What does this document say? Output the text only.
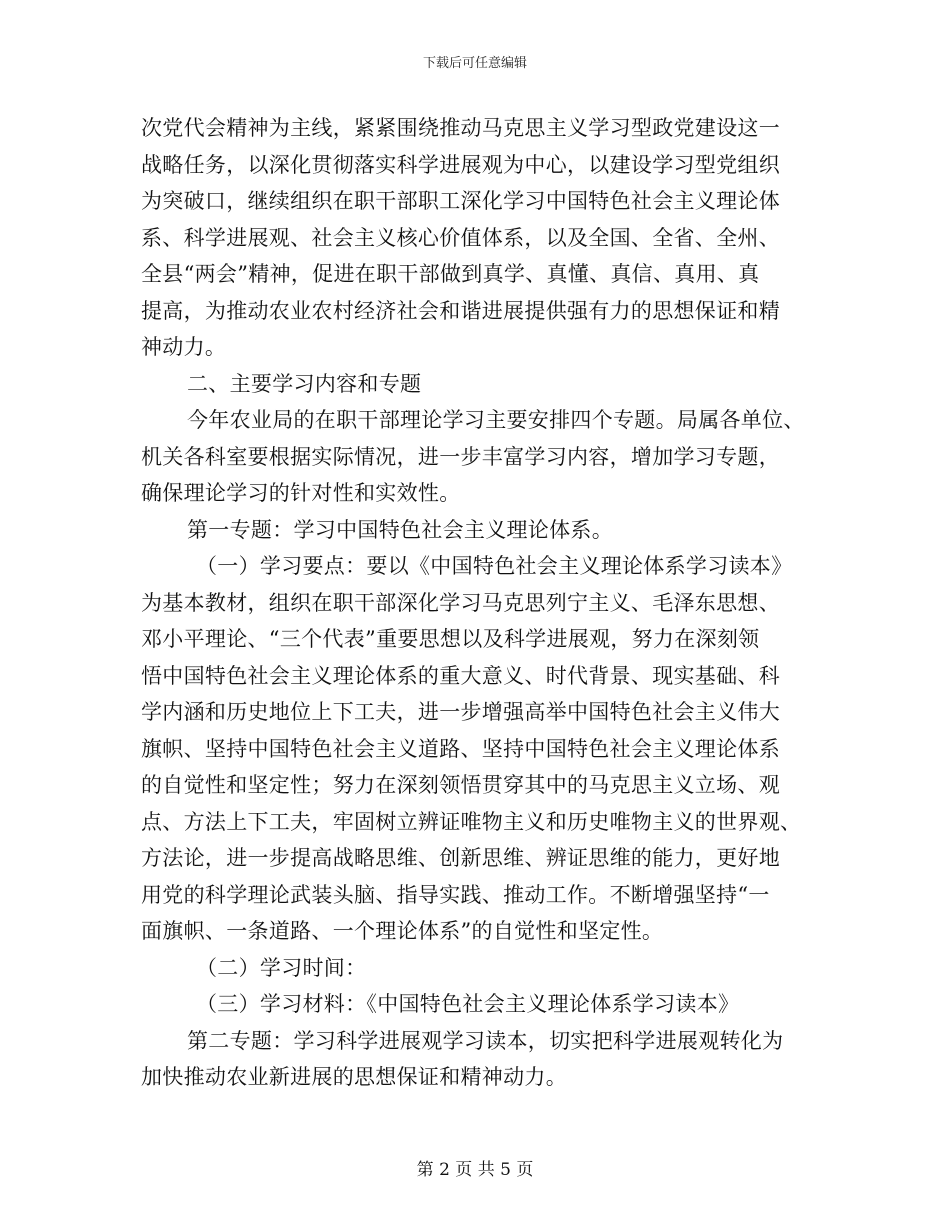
下载后可任意编辑
次党代会精神为主线，紧紧围绕推动马克思主义学习型政党建设这一
战略任务，以深化贯彻落实科学进展观为中心，以建设学习型党组织
为突破口，继续组织在职干部职工深化学习中国特色社会主义理论体
系、科学进展观、社会主义核心价值体系，以及全国、全省、全州、
全县“两会”精神，促进在职干部做到真学、真懂、真信、真用、真
提高，为推动农业农村经济社会和谐进展提供强有力的思想保证和精
神动力。
二、主要学习内容和专题
今年农业局的在职干部理论学习主要安排四个专题。局属各单位、
机关各科室要根据实际情况，进一步丰富学习内容，增加学习专题，
确保理论学习的针对性和实效性。
第一专题：学习中国特色社会主义理论体系。
（一）学习要点：要以《中国特色社会主义理论体系学习读本》
为基本教材，组织在职干部深化学习马克思列宁主义、毛泽东思想、
邓小平理论、“三个代表”重要思想以及科学进展观，努力在深刻领
悟中国特色社会主义理论体系的重大意义、时代背景、现实基础、科
学内涵和历史地位上下工夫，进一步增强高举中国特色社会主义伟大
旗帜、坚持中国特色社会主义道路、坚持中国特色社会主义理论体系
的自觉性和坚定性；努力在深刻领悟贯穿其中的马克思主义立场、观
点、方法上下工夫，牢固树立辨证唯物主义和历史唯物主义的世界观、
方法论，进一步提高战略思维、创新思维、辨证思维的能力，更好地
用党的科学理论武装头脑、指导实践、推动工作。不断增强坚持“一
面旗帜、一条道路、一个理论体系”的自觉性和坚定性。
（二）学习时间：
（三）学习材料：《中国特色社会主义理论体系学习读本》
第二专题：学习科学进展观学习读本，切实把科学进展观转化为
加快推动农业新进展的思想保证和精神动力。
第 2 页 共 5 页
